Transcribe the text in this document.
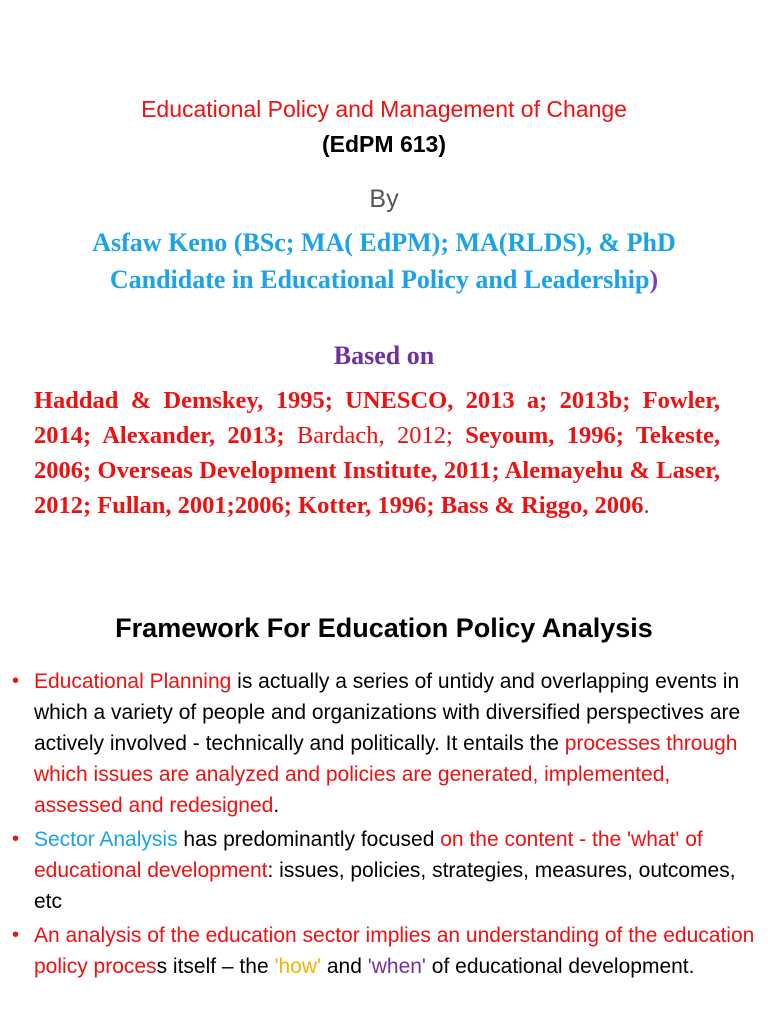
Educational Policy and Management of Change
(EdPM 613)
By
Asfaw Keno (BSc; MA( EdPM); MA(RLDS), & PhD Candidate in Educational Policy and Leadership)
Based on
Haddad & Demskey, 1995; UNESCO, 2013 a; 2013b; Fowler, 2014; Alexander, 2013; Bardach, 2012; Seyoum, 1996; Tekeste, 2006; Overseas Development Institute, 2011; Alemayehu & Laser, 2012; Fullan, 2001;2006; Kotter, 1996; Bass & Riggo, 2006.
Framework For Education Policy Analysis
• Educational Planning is actually a series of untidy and overlapping events in which a variety of people and organizations with diversified perspectives are actively involved - technically and politically. It entails the processes through which issues are analyzed and policies are generated, implemented, assessed and redesigned.
• Sector Analysis has predominantly focused on the content - the 'what' of educational development: issues, policies, strategies, measures, outcomes, etc
• An analysis of the education sector implies an understanding of the education policy process itself – the 'how' and 'when' of educational development.
